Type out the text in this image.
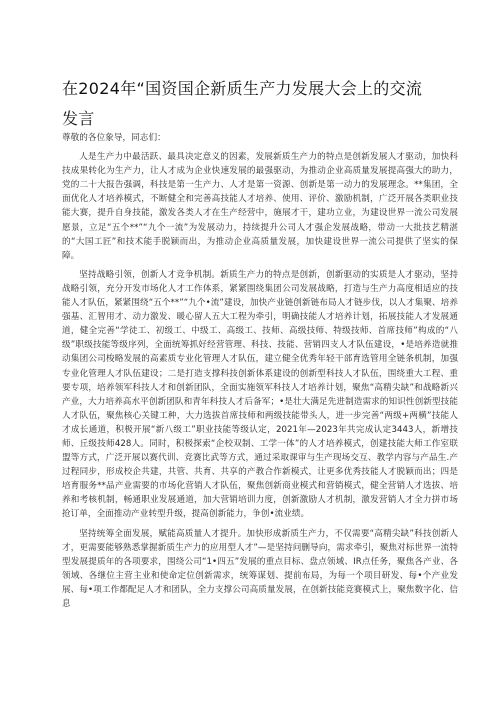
在2024年“国资国企新质生产力发展大会上的交流发言

尊敬的各位象导，同志们：

人是生产力中最活跃、最具决定意义的因素，发展新质生产力的特点是创新发展人才驱动，加快科技成果转化为生产力，让人才成为企业快速发展的最强驱动，为推动企业高质量发展提高强大的助力，党的二十大报告强调，科技是第一生产力、人才是第一资源、创新是第一动力的发展理念。**集团，全面优化人才培养模式，不断健全和完善高技能人才培养、使用、评价、激励机制，广泛开展各类职业技能大赛，提升自身技能，激发各类人才在生产经营中，施展才干，建功立业，为建设世界一流公司发展愿景，立足“五个**”“九个一流”为发展动力，持续提升公司人才强企发展战略，带动一大批技艺精湛的“大国工匠”和技术能手脱颖而出，为推动企业高质量发展，加快建设世界一流公司提供了坚实的保障。

坚持战略引领，创新人才竞争机制。新质生产力的特点是创新，创新驱动的实质是人才驱动，坚持战略引领，充分开发市场化人才工作体系，紧紧围绕集团公司发展战略，打造与生产力高度相适应的技能人才队伍，紧紧围绕“五个**”“九个•流”建设，加快产业链创新链布局人才链步伐，以人才集聚、培养强基、汇智用才、动力激发、暖心留人五大工程为牵引，明确技能人才培养计划，拓展技能人才发展通道，健全完善“学徒工、初级工、中级工、高级工、技师、高级技师、特级技师、首席技师”构成的“八级”职级技能等级序列，全面统筹抓好经营管理、科技、技能、营销四支人才队伍建设，•是培养造就推动集团公司梭略发展的高素质专业化管理人才队伍，建立健全优秀年轻干部育选管用全链条机制，加强专业化管理人才队伍建设；二是打造支撑科技创新体系建设的创新型科技人才队伍，围绕重大工程、重要专项，培养领军科技人才和创新团队，全面实施领军科技人才培养计划，聚焦“高精尖缺”和战略新兴产业，大力培养高水平创新团队和青年科技人才后备军；•是壮大满足先进制造需求的知识性创新型技能人才队伍，聚焦核心关键工种，大力选拔首席技师和两级技能带头人，进一步完善“两级+两横”技能人才成长通道，积极开展“新八级工”职业技能等级认定，2021年—2023年共完成认定3443人，新增技师、丘级技师428人。同时，积极探索“企校双制、工学一体”的人才培养模式，创建技能大师工作室联盟等方式，广泛开展以赛代训、竞赛比武等方式，通过采取课审与生产现场交互、教学内容与产品生.产过程同步，形成校企共建，共管、共育、共享的产教合作新模式，让更多优秀技能人才脱颖而出；四是培育服务**品产业需要的市场化营销人才队伍，聚焦创新商业模式和营销模式，健全营销人才选拔、培养和考核机制，畅通职业发展通道，加大营销培训力度，创新激励人才机制，激发营销人才全力拼市场抢订单，全面推动产业转型升级，提高创新能力，争创•流业绩。

坚持统筹全面发展，赋能高质量人才提升。加快形成新质生产力，不仅需要“高精尖缺”科技创新人才，更需要能够熟悉掌握新质生产力的应用型人才”—是坚持问删导向，需求牵引，聚焦对标世界一流特型发展提质年的各项要求，围绕公司“1•四五”发展的重点目标、盘点领域、IR点任务，聚焦各产业、各领域、各继位主营主业和使命定位创新需求，统筹谋划、提前布局，为每一个项目研发、每•个产业发展、每•项工作都配足人才和团队，全力支撑公司高质量发展，在创新技能竞赛模式上，聚焦数字化、信息
